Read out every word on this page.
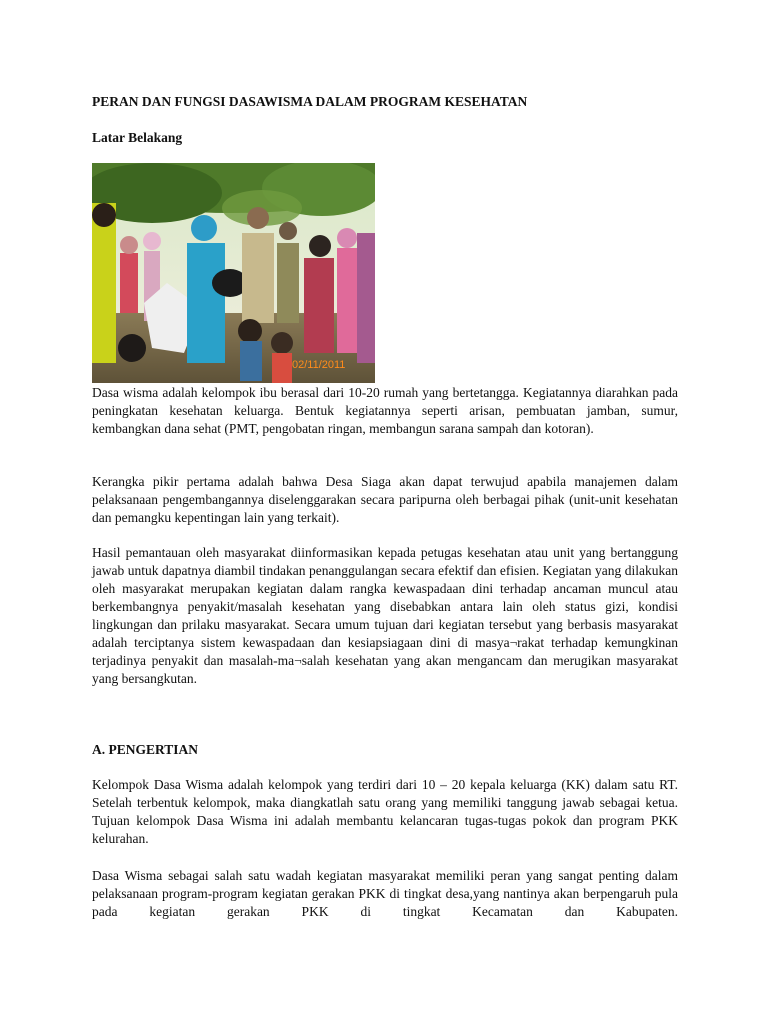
PERAN DAN FUNGSI DASAWISMA DALAM PROGRAM KESEHATAN
Latar Belakang
02/11/2011

Dasa wisma adalah kelompok ibu berasal dari 10-20 rumah yang bertetangga. Kegiatannya diarahkan pada peningkatan kesehatan keluarga. Bentuk kegiatannya seperti arisan, pembuatan jamban, sumur, kembangkan dana sehat (PMT, pengobatan ringan, membangun sarana sampah dan kotoran).

Kerangka pikir pertama adalah bahwa Desa Siaga akan dapat terwujud apabila manajemen dalam pelaksanaan pengembangannya diselenggarakan secara paripurna oleh berbagai pihak (unit-unit kesehatan dan pemangku kepentingan lain yang terkait).

Hasil pemantauan oleh masyarakat diinformasikan kepada petugas kesehatan atau unit yang bertanggung jawab untuk dapatnya diambil tindakan penanggulangan secara efektif dan efisien. Kegiatan yang dilakukan oleh masyarakat merupakan kegiatan dalam rangka kewaspadaan dini terhadap ancaman muncul atau berkembangnya penyakit/masalah kesehatan yang disebabkan antara lain oleh status gizi, kondisi lingkungan dan prilaku masyarakat. Secara umum tujuan dari kegiatan tersebut yang berbasis masyarakat adalah terciptanya sistem kewaspadaan dan kesiapsiagaan dini di masya¬rakat terhadap kemungkinan terjadinya penyakit dan masalah-ma¬salah kesehatan yang akan mengancam dan merugikan masyarakat yang bersangkutan.

A. PENGERTIAN

Kelompok Dasa Wisma adalah kelompok yang terdiri dari 10 – 20 kepala keluarga (KK) dalam satu RT. Setelah terbentuk kelompok, maka diangkatlah satu orang yang memiliki tanggung jawab sebagai ketua. Tujuan kelompok Dasa Wisma ini adalah membantu kelancaran tugas-tugas pokok dan program PKK kelurahan.

Dasa Wisma sebagai salah satu wadah kegiatan masyarakat memiliki peran yang sangat penting dalam pelaksanaan program-program kegiatan gerakan PKK di tingkat desa,yang nantinya akan berpengaruh pula pada kegiatan gerakan PKK di tingkat Kecamatan dan Kabupaten.
